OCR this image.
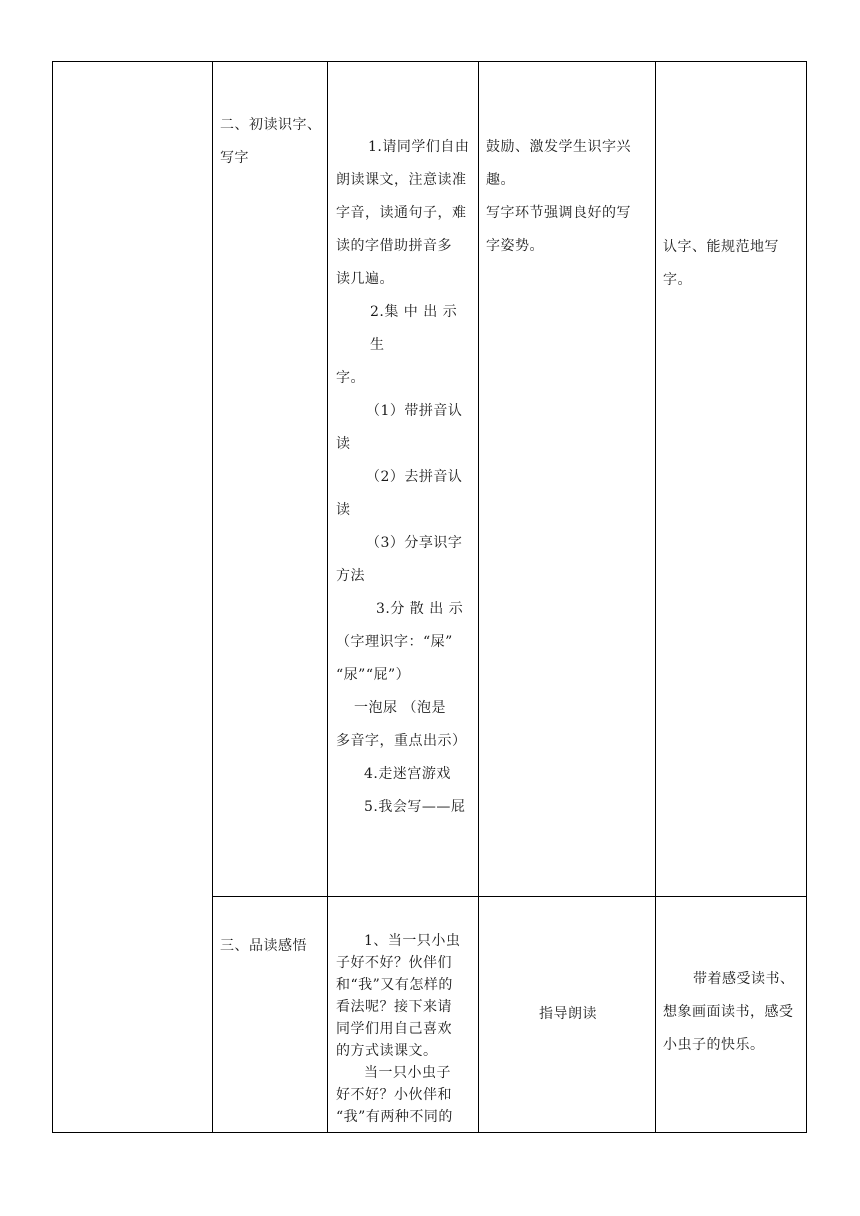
二、初读识字、
写字
1.请同学们自由
朗读课文，注意读准
字音，读通句子，难
读的字借助拼音多
读几遍。
2.集 中 出 示 生
字。
（1）带拼音认
读
（2）去拼音认
读
（3）分享识字
方法
3.分 散 出 示
（字理识字：“屎”
“尿”“屁”）
一泡尿 （泡是
多音字，重点出示）
4.走迷宫游戏
5.我会写——屁
鼓励、激发学生识字兴
趣。
写字环节强调良好的写
字姿势。	认字、能规范地写
字。
三、品读感悟	1、当一只小虫
子好不好？伙伴们
和“我”又有怎样的
看法呢？接下来请
同学们用自己喜欢
的方式读课文。
当一只小虫子
好不好？小伙伴和
“我”有两种不同的
指导朗读
带着感受读书、
想象画面读书，感受
小虫子的快乐。
